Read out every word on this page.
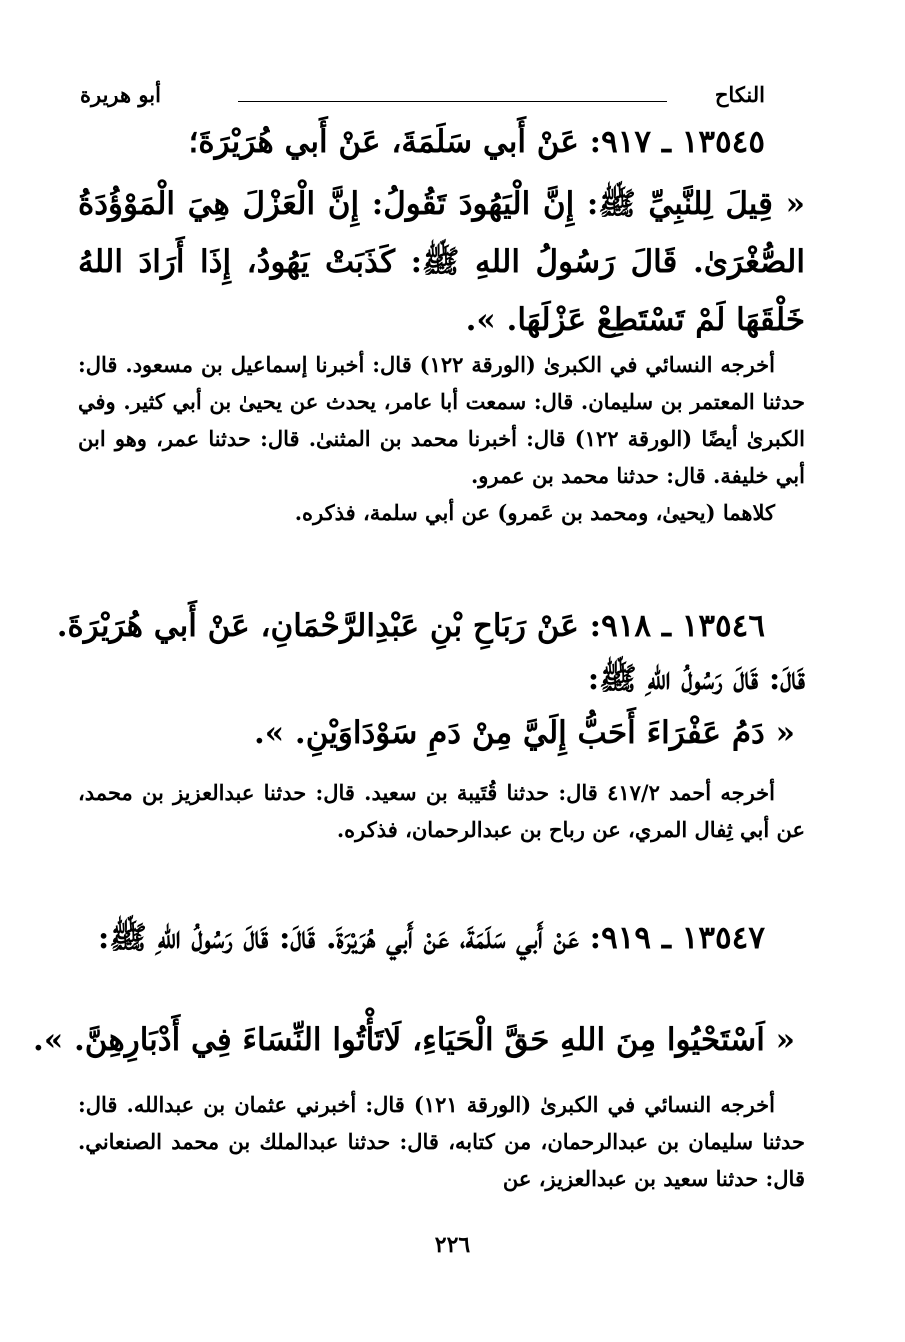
النكاح
أبو هريرة
١٣٥٤٥ ـ ٩١٧: عَنْ أَبي سَلَمَةَ، عَنْ أَبي هُرَيْرَةَ؛
« قِيلَ لِلنَّبِيِّ ﷺ: إِنَّ الْيَهُودَ تَقُولُ: إِنَّ الْعَزْلَ هِيَ الْمَوْؤُدَةُ الصُّغْرَىٰ. قَالَ رَسُولُ اللهِ ﷺ: كَذَبَتْ يَهُودُ، إِذَا أَرَادَ اللهُ خَلْقَهَا لَمْ تَسْتَطِعْ عَزْلَهَا. ».

أخرجه النسائي في الكبرىٰ (الورقة ١٢٢) قال: أخبرنا إسماعيل بن مسعود. قال: حدثنا المعتمر بن سليمان. قال: سمعت أبا عامر، يحدث عن يحيىٰ بن أبي كثير. وفي الكبرىٰ أيضًا (الورقة ١٢٢) قال: أخبرنا محمد بن المثنىٰ. قال: حدثنا عمر، وهو ابن أبي خليفة. قال: حدثنا محمد بن عمرو.

كلاهما (يحيىٰ، ومحمد بن عَمرو) عن أبي سلمة، فذكره.

١٣٥٤٦ ـ ٩١٨: عَنْ رَبَاحِ بْنِ عَبْدِالرَّحْمَانِ، عَنْ أَبي هُرَيْرَةَ.
قَالَ: قَالَ رَسُولُ اللهِ ﷺ:
« دَمُ عَفْرَاءَ أَحَبُّ إِلَيَّ مِنْ دَمِ سَوْدَاوَيْنِ. ».

أخرجه أحمد ٤١٧/٢ قال: حدثنا قُتَيبة بن سعيد. قال: حدثنا عبدالعزيز بن محمد، عن أبي ثِفال المري، عن رباح بن عبدالرحمان، فذكره.

١٣٥٤٧ ـ ٩١٩: عَنْ أَبي سَلَمَةَ، عَنْ أَبي هُرَيْرَةَ. قَالَ: قَالَ رَسُولُ اللهِ ﷺ:
« اَسْتَحْيُوا مِنَ اللهِ حَقَّ الْحَيَاءِ، لَاتَأْتُوا النِّسَاءَ فِي أَدْبَارِهِنَّ. ».

أخرجه النسائي في الكبرىٰ (الورقة ١٢١) قال: أخبرني عثمان بن عبدالله. قال: حدثنا سليمان بن عبدالرحمان، من كتابه، قال: حدثنا عبدالملك بن محمد الصنعاني. قال: حدثنا سعيد بن عبدالعزيز، عن

٢٢٦
